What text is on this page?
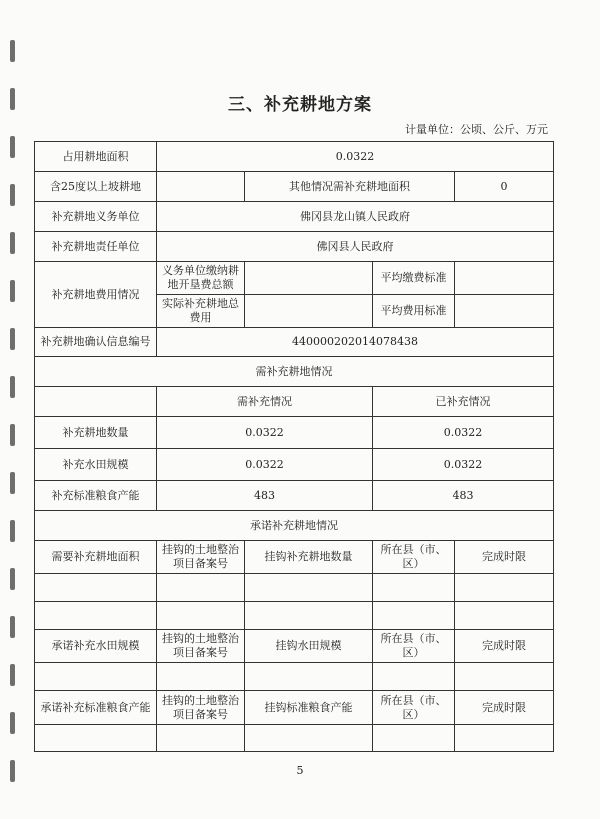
三、补充耕地方案
计量单位：公顷、公斤、万元
占用耕地面积	0.0322			
含25度以上坡耕地		其他情况需补充耕地面积		0
补充耕地义务单位	佛冈县龙山镇人民政府			
补充耕地责任单位	佛冈县人民政府			
补充耕地费用情况	义务单位缴纳耕地开垦费总额		平均缴费标准	
	实际补充耕地总费用		平均费用标准	
补充耕地确认信息编号	440000202014078438			
需补充耕地情况				
	需补充情况		已补充情况	
补充耕地数量	0.0322		0.0322	
补充水田规模	0.0322		0.0322	
补充标准粮食产能	483		483	
承诺补充耕地情况				
需要补充耕地面积	挂钩的土地整治项目备案号	挂钩补充耕地数量	所在县（市、区）	完成时限

承诺补充水田规模	挂钩的土地整治项目备案号	挂钩水田规模	所在县（市、区）	完成时限

承诺补充标准粮食产能	挂钩的土地整治项目备案号	挂钩标准粮食产能	所在县（市、区）	完成时限

5
